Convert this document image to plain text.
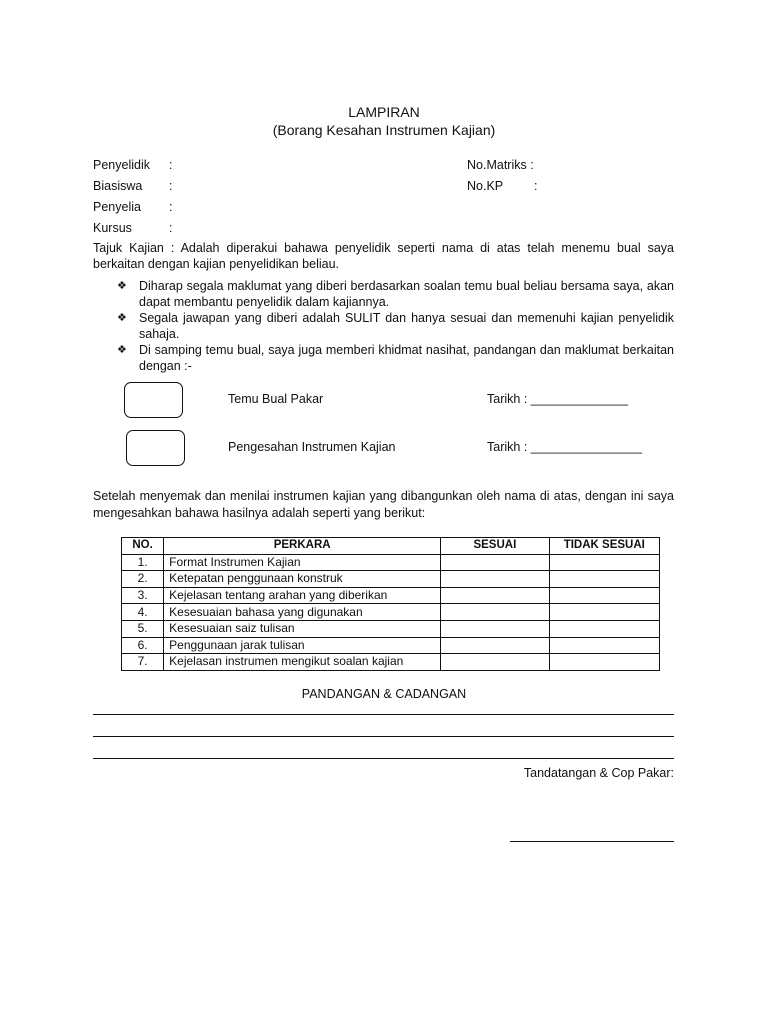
LAMPIRAN
(Borang Kesahan Instrumen Kajian)
Penyelidik :
Biasiswa :
Penyelia :
Kursus	:
No.Matriks :
No.KP :
Tajuk Kajian : Adalah diperakui bahawa penyelidik seperti nama di atas telah menemu bual saya berkaitan dengan kajian penyelidikan beliau.
❖ Diharap segala maklumat yang diberi berdasarkan soalan temu bual beliau bersama saya, akan dapat membantu penyelidik dalam kajiannya.
❖ Segala jawapan yang diberi adalah SULIT dan hanya sesuai dan memenuhi kajian penyelidik sahaja.
❖ Di samping temu bual, saya juga memberi khidmat nasihat, pandangan dan maklumat berkaitan dengan :-
Temu Bual Pakar	Tarikh : ______________
Pengesahan Instrumen Kajian	Tarikh : ________________
Setelah menyemak dan menilai instrumen kajian yang dibangunkan oleh nama di atas, dengan ini saya mengesahkan bahawa hasilnya adalah seperti yang berikut:
NO.	PERKARA	SESUAI	TIDAK SESUAI
1.	Format Instrumen Kajian		
2.	Ketepatan penggunaan konstruk		
3.	Kejelasan tentang arahan yang diberikan		
4.	Kesesuaian bahasa yang digunakan		
5.	Kesesuaian saiz tulisan		
6.	Penggunaan jarak tulisan		
7.	Kejelasan instrumen mengikut soalan kajian		
PANDANGAN & CADANGAN
Tandatangan & Cop Pakar:
